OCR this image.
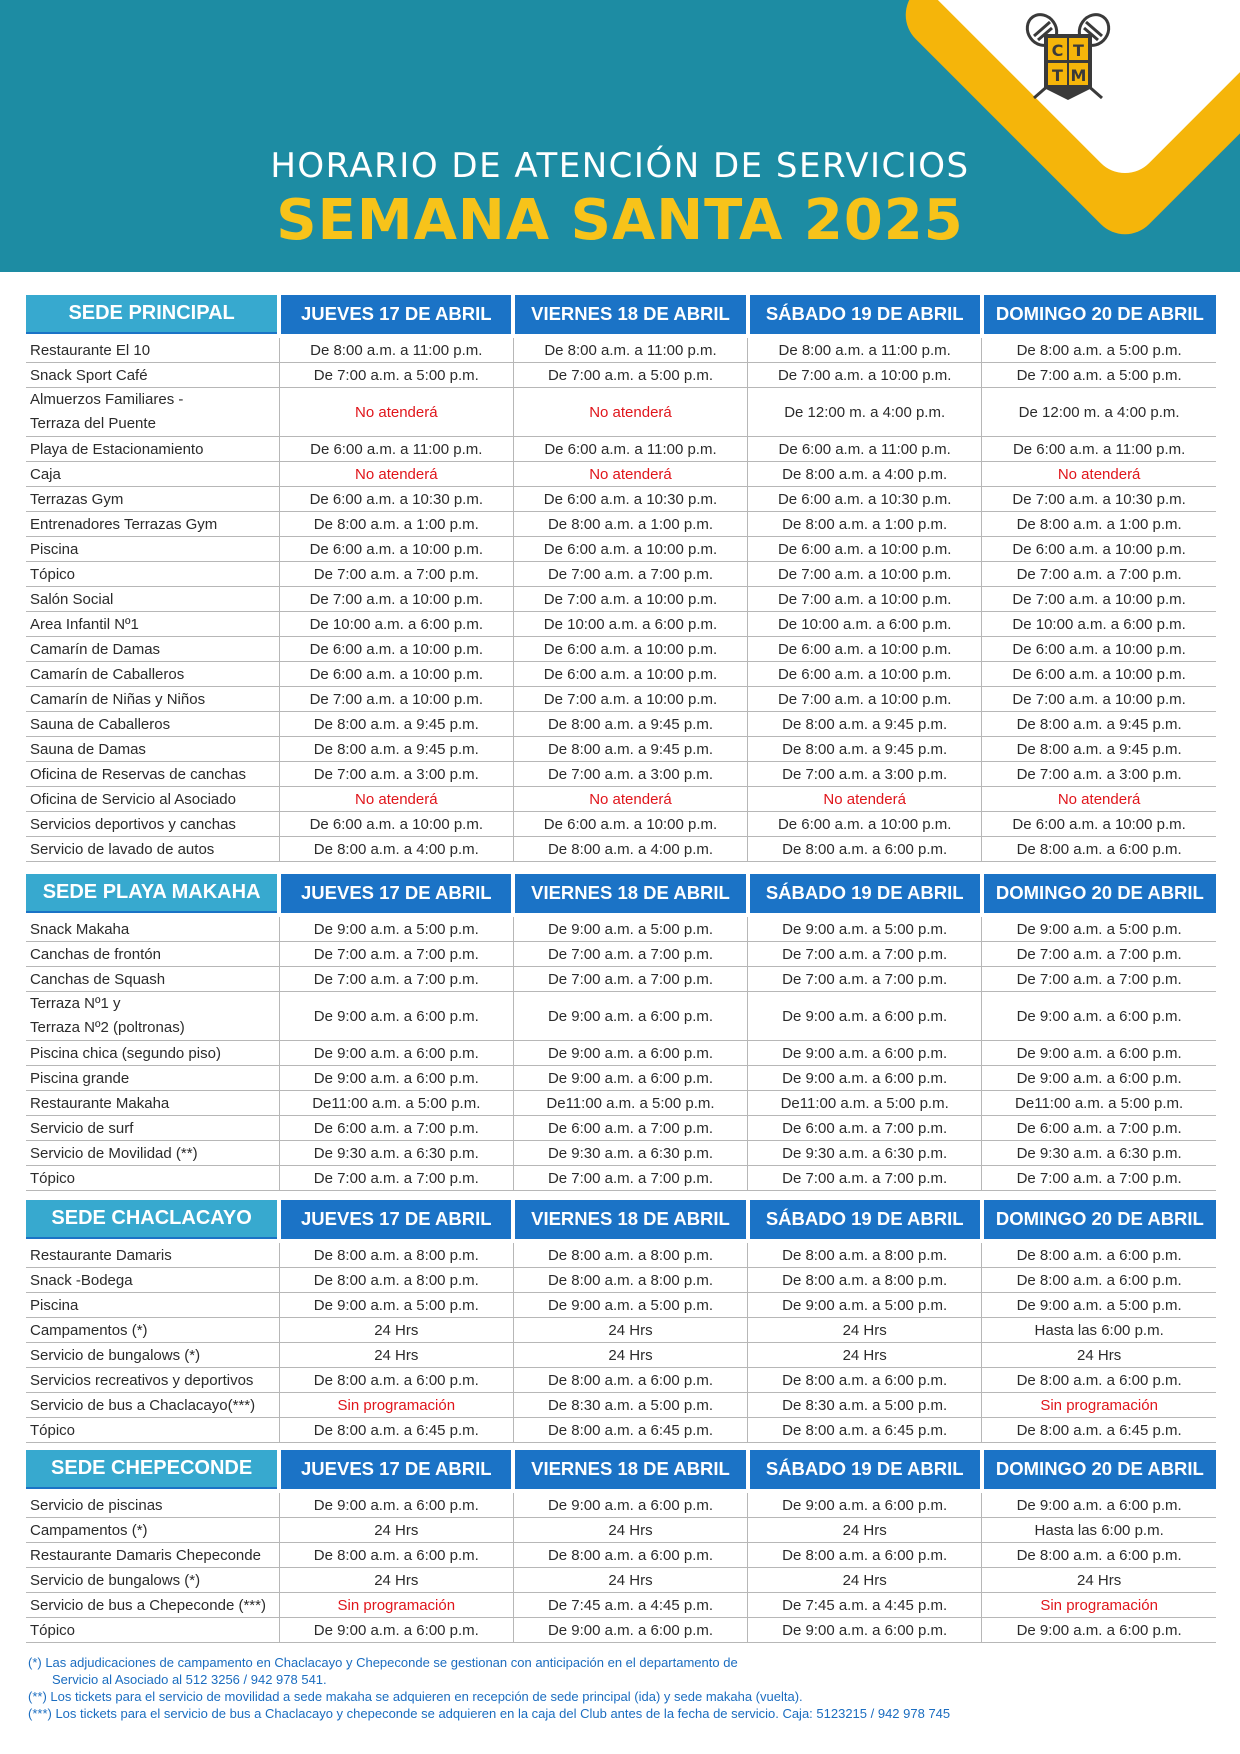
C T
T M
HORARIO DE ATENCIÓN DE SERVICIOS
SEMANA SANTA 2025
SEDE PRINCIPAL	JUEVES 17 DE ABRIL	VIERNES 18 DE ABRIL	SÁBADO 19 DE ABRIL	DOMINGO 20 DE ABRIL

Restaurante El 10	De 8:00 a.m. a 11:00 p.m.	De 8:00 a.m. a 11:00 p.m.	De 8:00 a.m. a 11:00 p.m.	De 8:00 a.m. a 5:00 p.m.
Snack Sport Café	De 7:00 a.m. a 5:00 p.m.	De 7:00 a.m. a 5:00 p.m.	De 7:00 a.m. a 10:00 p.m.	De 7:00 a.m. a 5:00 p.m.

Almuerzos Familiares -
Terraza del Puente	No atenderá	No atenderá	De 12:00 m. a 4:00 p.m.	De 12:00 m. a 4:00 p.m.
Playa de Estacionamiento	De 6:00 a.m. a 11:00 p.m.	De 6:00 a.m. a 11:00 p.m.	De 6:00 a.m. a 11:00 p.m.	De 6:00 a.m. a 11:00 p.m.
Caja	No atenderá	No atenderá	De 8:00 a.m. a 4:00 p.m.	No atenderá
Terrazas Gym	De 6:00 a.m. a 10:30 p.m.	De 6:00 a.m. a 10:30 p.m.	De 6:00 a.m. a 10:30 p.m.	De 7:00 a.m. a 10:30 p.m.
Entrenadores Terrazas Gym	De 8:00 a.m. a 1:00 p.m.	De 8:00 a.m. a 1:00 p.m.	De 8:00 a.m. a 1:00 p.m.	De 8:00 a.m. a 1:00 p.m.
Piscina	De 6:00 a.m. a 10:00 p.m.	De 6:00 a.m. a 10:00 p.m.	De 6:00 a.m. a 10:00 p.m.	De 6:00 a.m. a 10:00 p.m.
Tópico	De 7:00 a.m. a 7:00 p.m.	De 7:00 a.m. a 7:00 p.m.	De 7:00 a.m. a 10:00 p.m.	De 7:00 a.m. a 7:00 p.m.
Salón Social	De 7:00 a.m. a 10:00 p.m.	De 7:00 a.m. a 10:00 p.m.	De 7:00 a.m. a 10:00 p.m.	De 7:00 a.m. a 10:00 p.m.
Area Infantil Nº1	De 10:00 a.m. a 6:00 p.m.	De 10:00 a.m. a 6:00 p.m.	De 10:00 a.m. a 6:00 p.m.	De 10:00 a.m. a 6:00 p.m.
Camarín de Damas	De 6:00 a.m. a 10:00 p.m.	De 6:00 a.m. a 10:00 p.m.	De 6:00 a.m. a 10:00 p.m.	De 6:00 a.m. a 10:00 p.m.
Camarín de Caballeros	De 6:00 a.m. a 10:00 p.m.	De 6:00 a.m. a 10:00 p.m.	De 6:00 a.m. a 10:00 p.m.	De 6:00 a.m. a 10:00 p.m.
Camarín de Niñas y Niños	De 7:00 a.m. a 10:00 p.m.	De 7:00 a.m. a 10:00 p.m.	De 7:00 a.m. a 10:00 p.m.	De 7:00 a.m. a 10:00 p.m.
Sauna de Caballeros	De 8:00 a.m. a 9:45 p.m.	De 8:00 a.m. a 9:45 p.m.	De 8:00 a.m. a 9:45 p.m.	De 8:00 a.m. a 9:45 p.m.
Sauna de Damas	De 8:00 a.m. a 9:45 p.m.	De 8:00 a.m. a 9:45 p.m.	De 8:00 a.m. a 9:45 p.m.	De 8:00 a.m. a 9:45 p.m.
Oficina de Reservas de canchas	De 7:00 a.m. a 3:00 p.m.	De 7:00 a.m. a 3:00 p.m.	De 7:00 a.m. a 3:00 p.m.	De 7:00 a.m. a 3:00 p.m.
Oficina de Servicio al Asociado	No atenderá	No atenderá	No atenderá	No atenderá
Servicios deportivos y canchas	De 6:00 a.m. a 10:00 p.m.	De 6:00 a.m. a 10:00 p.m.	De 6:00 a.m. a 10:00 p.m.	De 6:00 a.m. a 10:00 p.m.
Servicio de lavado de autos	De 8:00 a.m. a 4:00 p.m.	De 8:00 a.m. a 4:00 p.m.	De 8:00 a.m. a 6:00 p.m.	De 8:00 a.m. a 6:00 p.m.
SEDE PLAYA MAKAHA	JUEVES 17 DE ABRIL	VIERNES 18 DE ABRIL	SÁBADO 19 DE ABRIL	DOMINGO 20 DE ABRIL

Snack Makaha	De 9:00 a.m. a 5:00 p.m.	De 9:00 a.m. a 5:00 p.m.	De 9:00 a.m. a 5:00 p.m.	De 9:00 a.m. a 5:00 p.m.
Canchas de frontón	De 7:00 a.m. a 7:00 p.m.	De 7:00 a.m. a 7:00 p.m.	De 7:00 a.m. a 7:00 p.m.	De 7:00 a.m. a 7:00 p.m.
Canchas de Squash	De 7:00 a.m. a 7:00 p.m.	De 7:00 a.m. a 7:00 p.m.	De 7:00 a.m. a 7:00 p.m.	De 7:00 a.m. a 7:00 p.m.

Terraza Nº1 y
Terraza Nº2 (poltronas)	De 9:00 a.m. a 6:00 p.m.	De 9:00 a.m. a 6:00 p.m.	De 9:00 a.m. a 6:00 p.m.	De 9:00 a.m. a 6:00 p.m.
Piscina chica (segundo piso)	De 9:00 a.m. a 6:00 p.m.	De 9:00 a.m. a 6:00 p.m.	De 9:00 a.m. a 6:00 p.m.	De 9:00 a.m. a 6:00 p.m.
Piscina grande	De 9:00 a.m. a 6:00 p.m.	De 9:00 a.m. a 6:00 p.m.	De 9:00 a.m. a 6:00 p.m.	De 9:00 a.m. a 6:00 p.m.
Restaurante Makaha	De11:00 a.m. a 5:00 p.m.	De11:00 a.m. a 5:00 p.m.	De11:00 a.m. a 5:00 p.m.	De11:00 a.m. a 5:00 p.m.
Servicio de surf	De 6:00 a.m. a 7:00 p.m.	De 6:00 a.m. a 7:00 p.m.	De 6:00 a.m. a 7:00 p.m.	De 6:00 a.m. a 7:00 p.m.
Servicio de Movilidad (**)	De 9:30 a.m. a 6:30 p.m.	De 9:30 a.m. a 6:30 p.m.	De 9:30 a.m. a 6:30 p.m.	De 9:30 a.m. a 6:30 p.m.
Tópico	De 7:00 a.m. a 7:00 p.m.	De 7:00 a.m. a 7:00 p.m.	De 7:00 a.m. a 7:00 p.m.	De 7:00 a.m. a 7:00 p.m.
SEDE CHACLACAYO	JUEVES 17 DE ABRIL	VIERNES 18 DE ABRIL	SÁBADO 19 DE ABRIL	DOMINGO 20 DE ABRIL

Restaurante Damaris	De 8:00 a.m. a 8:00 p.m.	De 8:00 a.m. a 8:00 p.m.	De 8:00 a.m. a 8:00 p.m.	De 8:00 a.m. a 6:00 p.m.
Snack -Bodega	De 8:00 a.m. a 8:00 p.m.	De 8:00 a.m. a 8:00 p.m.	De 8:00 a.m. a 8:00 p.m.	De 8:00 a.m. a 6:00 p.m.
Piscina	De 9:00 a.m. a 5:00 p.m.	De 9:00 a.m. a 5:00 p.m.	De 9:00 a.m. a 5:00 p.m.	De 9:00 a.m. a 5:00 p.m.
Campamentos (*)	24 Hrs	24 Hrs	24 Hrs	Hasta las 6:00 p.m.
Servicio de bungalows (*)	24 Hrs	24 Hrs	24 Hrs	24 Hrs
Servicios recreativos y deportivos	De 8:00 a.m. a 6:00 p.m.	De 8:00 a.m. a 6:00 p.m.	De 8:00 a.m. a 6:00 p.m.	De 8:00 a.m. a 6:00 p.m.
Servicio de bus a Chaclacayo(***)	Sin programación	De 8:30 a.m. a 5:00 p.m.	De 8:30 a.m. a 5:00 p.m.	Sin programación
Tópico	De 8:00 a.m. a 6:45 p.m.	De 8:00 a.m. a 6:45 p.m.	De 8:00 a.m. a 6:45 p.m.	De 8:00 a.m. a 6:45 p.m.
SEDE CHEPECONDE	JUEVES 17 DE ABRIL	VIERNES 18 DE ABRIL	SÁBADO 19 DE ABRIL	DOMINGO 20 DE ABRIL

Servicio de piscinas	De 9:00 a.m. a 6:00 p.m.	De 9:00 a.m. a 6:00 p.m.	De 9:00 a.m. a 6:00 p.m.	De 9:00 a.m. a 6:00 p.m.
Campamentos (*)	24 Hrs	24 Hrs	24 Hrs	Hasta las 6:00 p.m.
Restaurante Damaris Chepeconde	De 8:00 a.m. a 6:00 p.m.	De 8:00 a.m. a 6:00 p.m.	De 8:00 a.m. a 6:00 p.m.	De 8:00 a.m. a 6:00 p.m.
Servicio de bungalows (*)	24 Hrs	24 Hrs	24 Hrs	24 Hrs
Servicio de bus a Chepeconde (***)	Sin programación	De 7:45 a.m. a 4:45 p.m.	De 7:45 a.m. a 4:45 p.m.	Sin programación
Tópico	De 9:00 a.m. a 6:00 p.m.	De 9:00 a.m. a 6:00 p.m.	De 9:00 a.m. a 6:00 p.m.	De 9:00 a.m. a 6:00 p.m.
(*) Las adjudicaciones de campamento en Chaclacayo y Chepeconde se gestionan con anticipación en el departamento de
Servicio al Asociado al 512 3256 / 942 978 541.
(**) Los tickets para el servicio de movilidad a sede makaha se adquieren en recepción de sede principal (ida) y sede makaha (vuelta).
(***) Los tickets para el servicio de bus a Chaclacayo y chepeconde se adquieren en la caja del Club antes de la fecha de servicio. Caja: 5123215 / 942 978 745
